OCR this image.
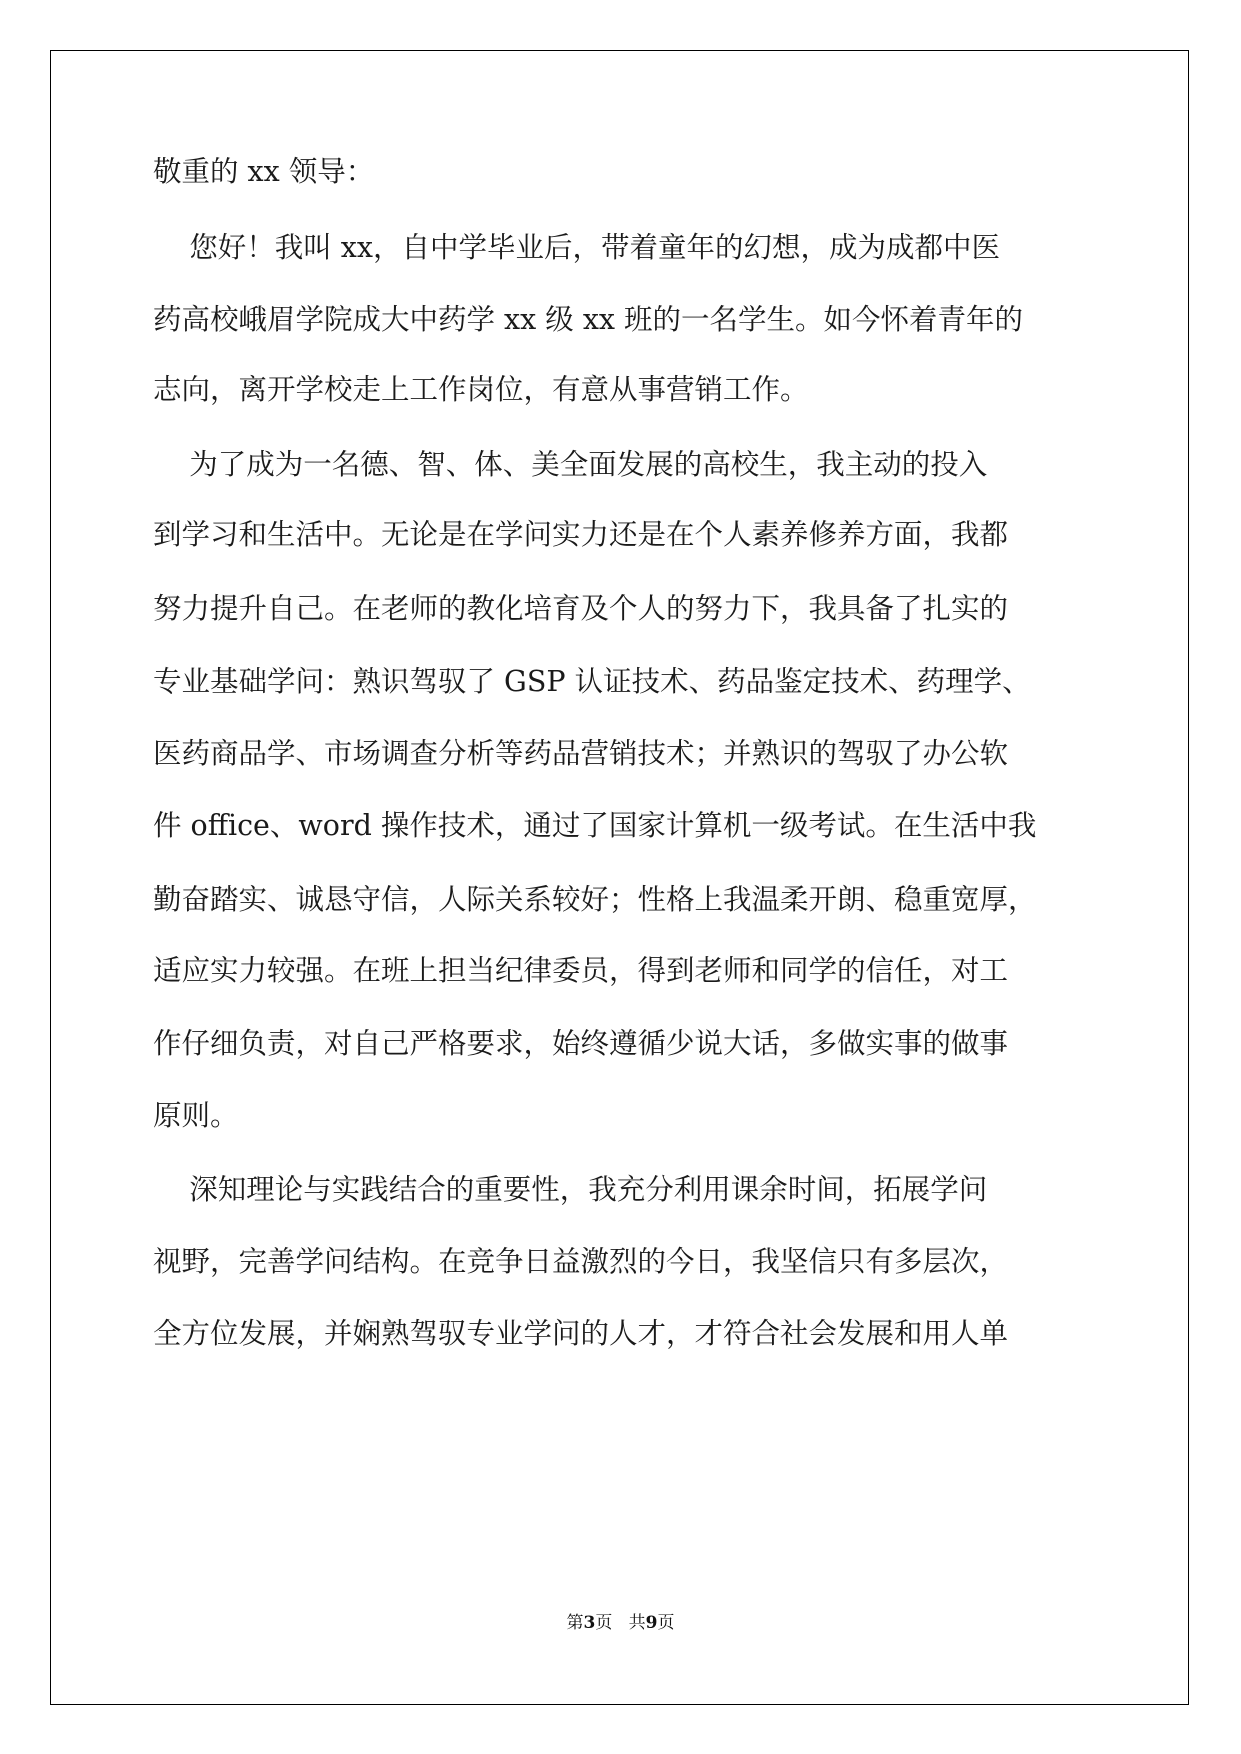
敬重的 xx 领导：

您好！我叫 xx，自中学毕业后，带着童年的幻想，成为成都中医

药高校峨眉学院成大中药学 xx 级 xx 班的一名学生。如今怀着青年的

志向，离开学校走上工作岗位，有意从事营销工作。

为了成为一名德、智、体、美全面发展的高校生，我主动的投入

到学习和生活中。无论是在学问实力还是在个人素养修养方面，我都

努力提升自己。在老师的教化培育及个人的努力下，我具备了扎实的

专业基础学问：熟识驾驭了 GSP 认证技术、药品鉴定技术、药理学、

医药商品学、市场调查分析等药品营销技术；并熟识的驾驭了办公软

件 office、word 操作技术，通过了国家计算机一级考试。在生活中我

勤奋踏实、诚恳守信，人际关系较好；性格上我温柔开朗、稳重宽厚，

适应实力较强。在班上担当纪律委员，得到老师和同学的信任，对工

作仔细负责，对自己严格要求，始终遵循少说大话，多做实事的做事

原则。

深知理论与实践结合的重要性，我充分利用课余时间，拓展学问

视野，完善学问结构。在竞争日益激烈的今日，我坚信只有多层次，

全方位发展，并娴熟驾驭专业学问的人才，才符合社会发展和用人单

第3页   共9页
